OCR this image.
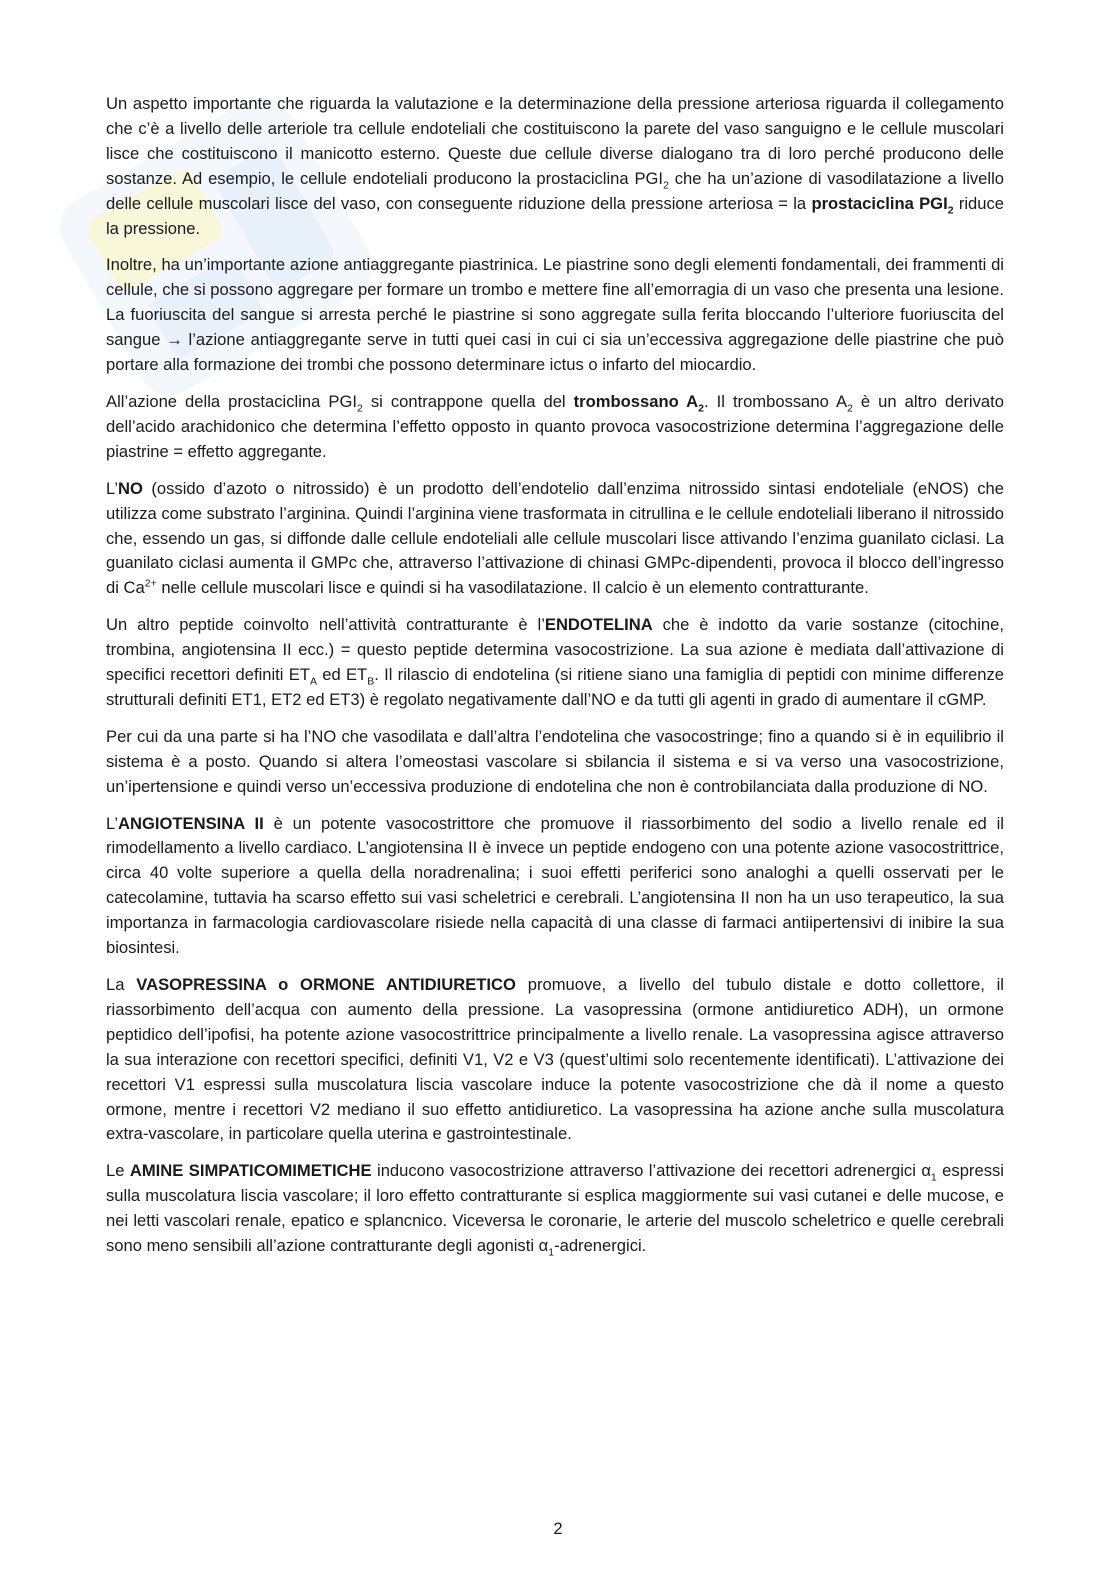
Un aspetto importante che riguarda la valutazione e la determinazione della pressione arteriosa riguarda il collegamento che c’è a livello delle arteriole tra cellule endoteliali che costituiscono la parete del vaso sanguigno e le cellule muscolari lisce che costituiscono il manicotto esterno. Queste due cellule diverse dialogano tra di loro perché producono delle sostanze. Ad esempio, le cellule endoteliali producono la prostaciclina $PGI_2$ che ha un’azione di vasodilatazione a livello delle cellule muscolari lisce del vaso, con conseguente riduzione della pressione arteriosa = la prostaciclina $PGI_2$ riduce la pressione.

Inoltre, ha un’importante azione antiaggregante piastrinica. Le piastrine sono degli elementi fondamentali, dei frammenti di cellule, che si possono aggregare per formare un trombo e mettere fine all’emorragia di un vaso che presenta una lesione. La fuoriuscita del sangue si arresta perché le piastrine si sono aggregate sulla ferita bloccando l’ulteriore fuoriuscita del sangue → l’azione antiaggregante serve in tutti quei casi in cui ci sia un’eccessiva aggregazione delle piastrine che può portare alla formazione dei trombi che possono determinare ictus o infarto del miocardio.

All’azione della prostaciclina $PGI_2$ si contrappone quella del trombossano $A_2$. Il trombossano $A_2$ è un altro derivato dell’acido arachidonico che determina l’effetto opposto in quanto provoca vasocostrizione determina l’aggregazione delle piastrine = effetto aggregante.

L’NO (ossido d’azoto o nitrossido) è un prodotto dell’endotelio dall’enzima nitrossido sintasi endoteliale (eNOS) che utilizza come substrato l’arginina. Quindi l’arginina viene trasformata in citrullina e le cellule endoteliali liberano il nitrossido che, essendo un gas, si diffonde dalle cellule endoteliali alle cellule muscolari lisce attivando l’enzima guanilato ciclasi. La guanilato ciclasi aumenta il GMPc che, attraverso l’attivazione di chinasi GMPc-dipendenti, provoca il blocco dell’ingresso di $Ca^{2+}$ nelle cellule muscolari lisce e quindi si ha vasodilatazione. Il calcio è un elemento contratturante.

Un altro peptide coinvolto nell’attività contratturante è l’ENDOTELINA che è indotto da varie sostanze (citochine, trombina, angiotensina II ecc.) = questo peptide determina vasocostrizione. La sua azione è mediata dall’attivazione di specifici recettori definiti $ET_A$ ed $ET_B$. Il rilascio di endotelina (si ritiene siano una famiglia di peptidi con minime differenze strutturali definiti ET1, ET2 ed ET3) è regolato negativamente dall’NO e da tutti gli agenti in grado di aumentare il cGMP.

Per cui da una parte si ha l’NO che vasodilata e dall’altra l’endotelina che vasocostringe; fino a quando si è in equilibrio il sistema è a posto. Quando si altera l’omeostasi vascolare si sbilancia il sistema e si va verso una vasocostrizione, un’ipertensione e quindi verso un’eccessiva produzione di endotelina che non è controbilanciata dalla produzione di NO.

L’ANGIOTENSINA II è un potente vasocostrittore che promuove il riassorbimento del sodio a livello renale ed il rimodellamento a livello cardiaco. L’angiotensina II è invece un peptide endogeno con una potente azione vasocostrittrice, circa 40 volte superiore a quella della noradrenalina; i suoi effetti periferici sono analoghi a quelli osservati per le catecolamine, tuttavia ha scarso effetto sui vasi scheletrici e cerebrali. L’angiotensina II non ha un uso terapeutico, la sua importanza in farmacologia cardiovascolare risiede nella capacità di una classe di farmaci antiipertensivi di inibire la sua biosintesi.

La VASOPRESSINA o ORMONE ANTIDIURETICO promuove, a livello del tubulo distale e dotto collettore, il riassorbimento dell’acqua con aumento della pressione. La vasopressina (ormone antidiuretico ADH), un ormone peptidico dell’ipofisi, ha potente azione vasocostrittrice principalmente a livello renale. La vasopressina agisce attraverso la sua interazione con recettori specifici, definiti V1, V2 e V3 (quest’ultimi solo recentemente identificati). L’attivazione dei recettori V1 espressi sulla muscolatura liscia vascolare induce la potente vasocostrizione che dà il nome a questo ormone, mentre i recettori V2 mediano il suo effetto antidiuretico. La vasopressina ha azione anche sulla muscolatura extra-vascolare, in particolare quella uterina e gastrointestinale.

Le AMINE SIMPATICOMIMETICHE inducono vasocostrizione attraverso l’attivazione dei recettori adrenergici $\alpha_1$ espressi sulla muscolatura liscia vascolare; il loro effetto contratturante si esplica maggiormente sui vasi cutanei e delle mucose, e nei letti vascolari renale, epatico e splancnico. Viceversa le coronarie, le arterie del muscolo scheletrico e quelle cerebrali sono meno sensibili all’azione contratturante degli agonisti $\alpha_1$-adrenergici.

2
